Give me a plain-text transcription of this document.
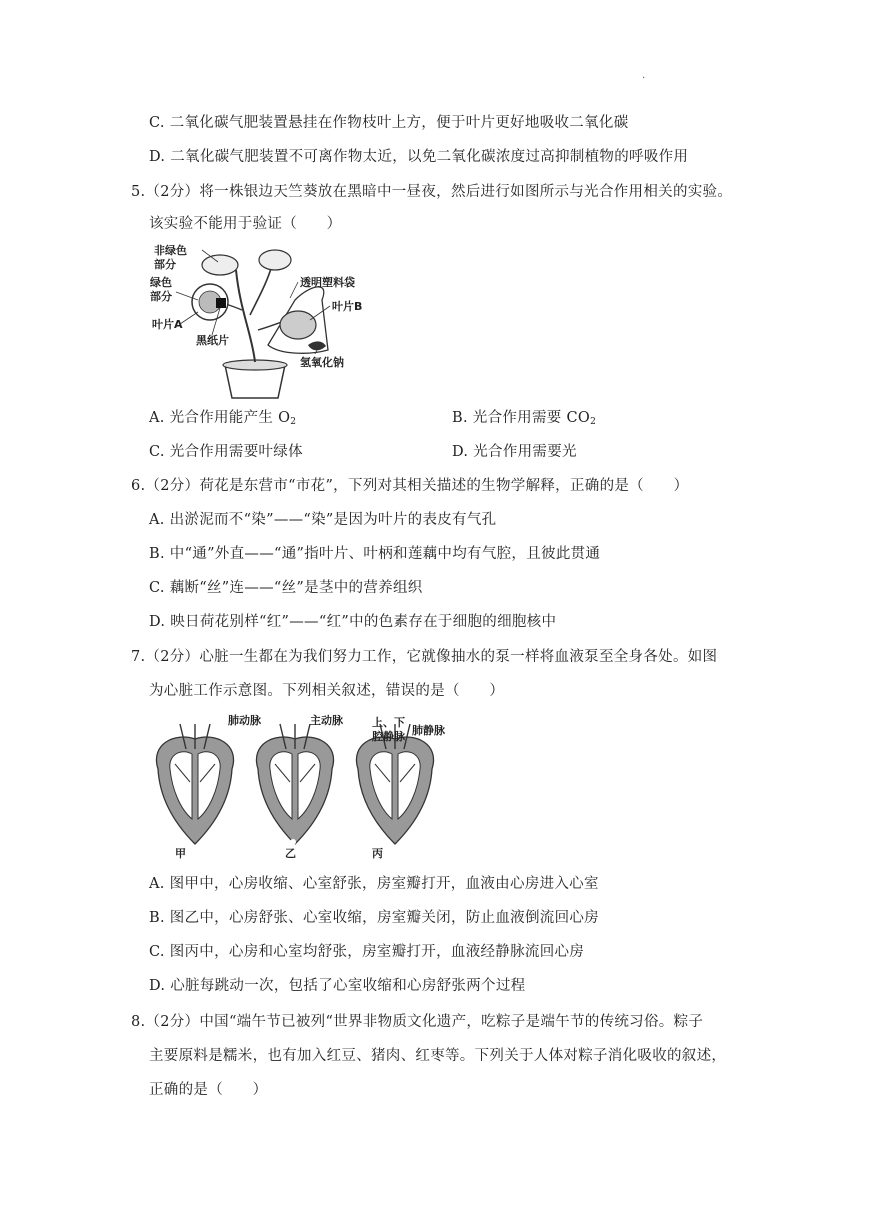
.
C. 二氧化碳气肥装置悬挂在作物枝叶上方，便于叶片更好地吸收二氧化碳
D. 二氧化碳气肥装置不可离作物太近，以免二氧化碳浓度过高抑制植物的呼吸作用
5.（2分）将一株银边天竺葵放在黑暗中一昼夜，然后进行如图所示与光合作用相关的实验。
该实验不能用于验证（　　）
非绿色
部分
绿色
部分
叶片A
黑纸片
透明塑料袋
叶片B
氢氧化钠
A. 光合作用能产生 $O_2$	B. 光合作用需要 $CO_2$
C. 光合作用需要叶绿体	D. 光合作用需要光
6.（2分）荷花是东营市“市花”，下列对其相关描述的生物学解释，正确的是（　　）
A. 出淤泥而不“染”——“染”是因为叶片的表皮有气孔
B. 中“通”外直——“通”指叶片、叶柄和莲藕中均有气腔，且彼此贯通
C. 藕断“丝”连——“丝”是茎中的营养组织
D. 映日荷花别样“红”——“红”中的色素存在于细胞的细胞核中
7.（2分）心脏一生都在为我们努力工作，它就像抽水的泵一样将血液泵至全身各处。如图
为心脏工作示意图。下列相关叙述，错误的是（　　）
肺动脉	主动脉	上、下
腔静脉 肺静脉
甲	乙	丙
A. 图甲中，心房收缩、心室舒张，房室瓣打开，血液由心房进入心室
B. 图乙中，心房舒张、心室收缩，房室瓣关闭，防止血液倒流回心房
C. 图丙中，心房和心室均舒张，房室瓣打开，血液经静脉流回心房
D. 心脏每跳动一次，包括了心室收缩和心房舒张两个过程
8.（2分）中国“端午节已被列“世界非物质文化遗产，吃粽子是端午节的传统习俗。粽子
主要原料是糯米，也有加入红豆、猪肉、红枣等。下列关于人体对粽子消化吸收的叙述，
正确的是（　　）
